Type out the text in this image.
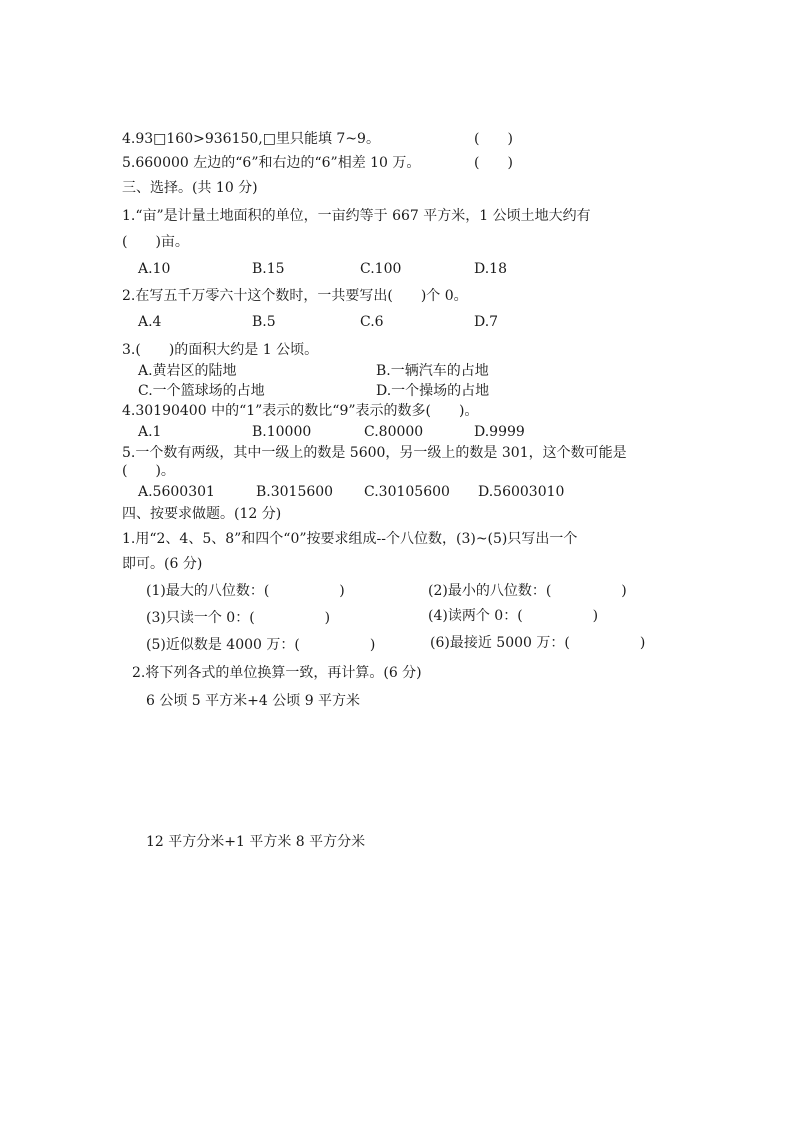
4.93□160>936150,□里只能填 7~9。	(　　)
5.660000 左边的“6”和右边的“6”相差 10 万。	(　　)
三、选择。(共 10 分)
1.“亩”是计量土地面积的单位，一亩约等于 667 平方米，1 公顷土地大约有
(　　)亩。
A.10	B.15	C.100	D.18
2.在写五千万零六十这个数时，一共要写出(　　)个 0。
A.4	B.5	C.6	D.7
3.(　　)的面积大约是 1 公顷。
A.黄岩区的陆地	B.一辆汽车的占地
C.一个篮球场的占地	D.一个操场的占地
4.30190400 中的“1”表示的数比“9”表示的数多(　　)。
A.1	B.10000	C.80000	D.9999
5.一个数有两级，其中一级上的数是 5600，另一级上的数是 301，这个数可能是
(　　)。
A.5600301	B.3015600 C.30105600 D.56003010
四、按要求做题。(12 分)
1.用“2、4、5、8”和四个“0”按要求组成--个八位数，(3)~(5)只写出一个
即可。(6 分)
(1)最大的八位数：(　　　　　)	(2)最小的八位数：(　　　　　)
(3)只读一个 0：(　　　　　)	(4)读两个 0：(　　　　　)
(5)近似数是 4000 万：(　　　　　)	(6)最接近 5000 万：(　　　　　)
2.将下列各式的单位换算一致，再计算。(6 分)
6 公顷 5 平方米+4 公顷 9 平方米
12 平方分米+1 平方米 8 平方分米
